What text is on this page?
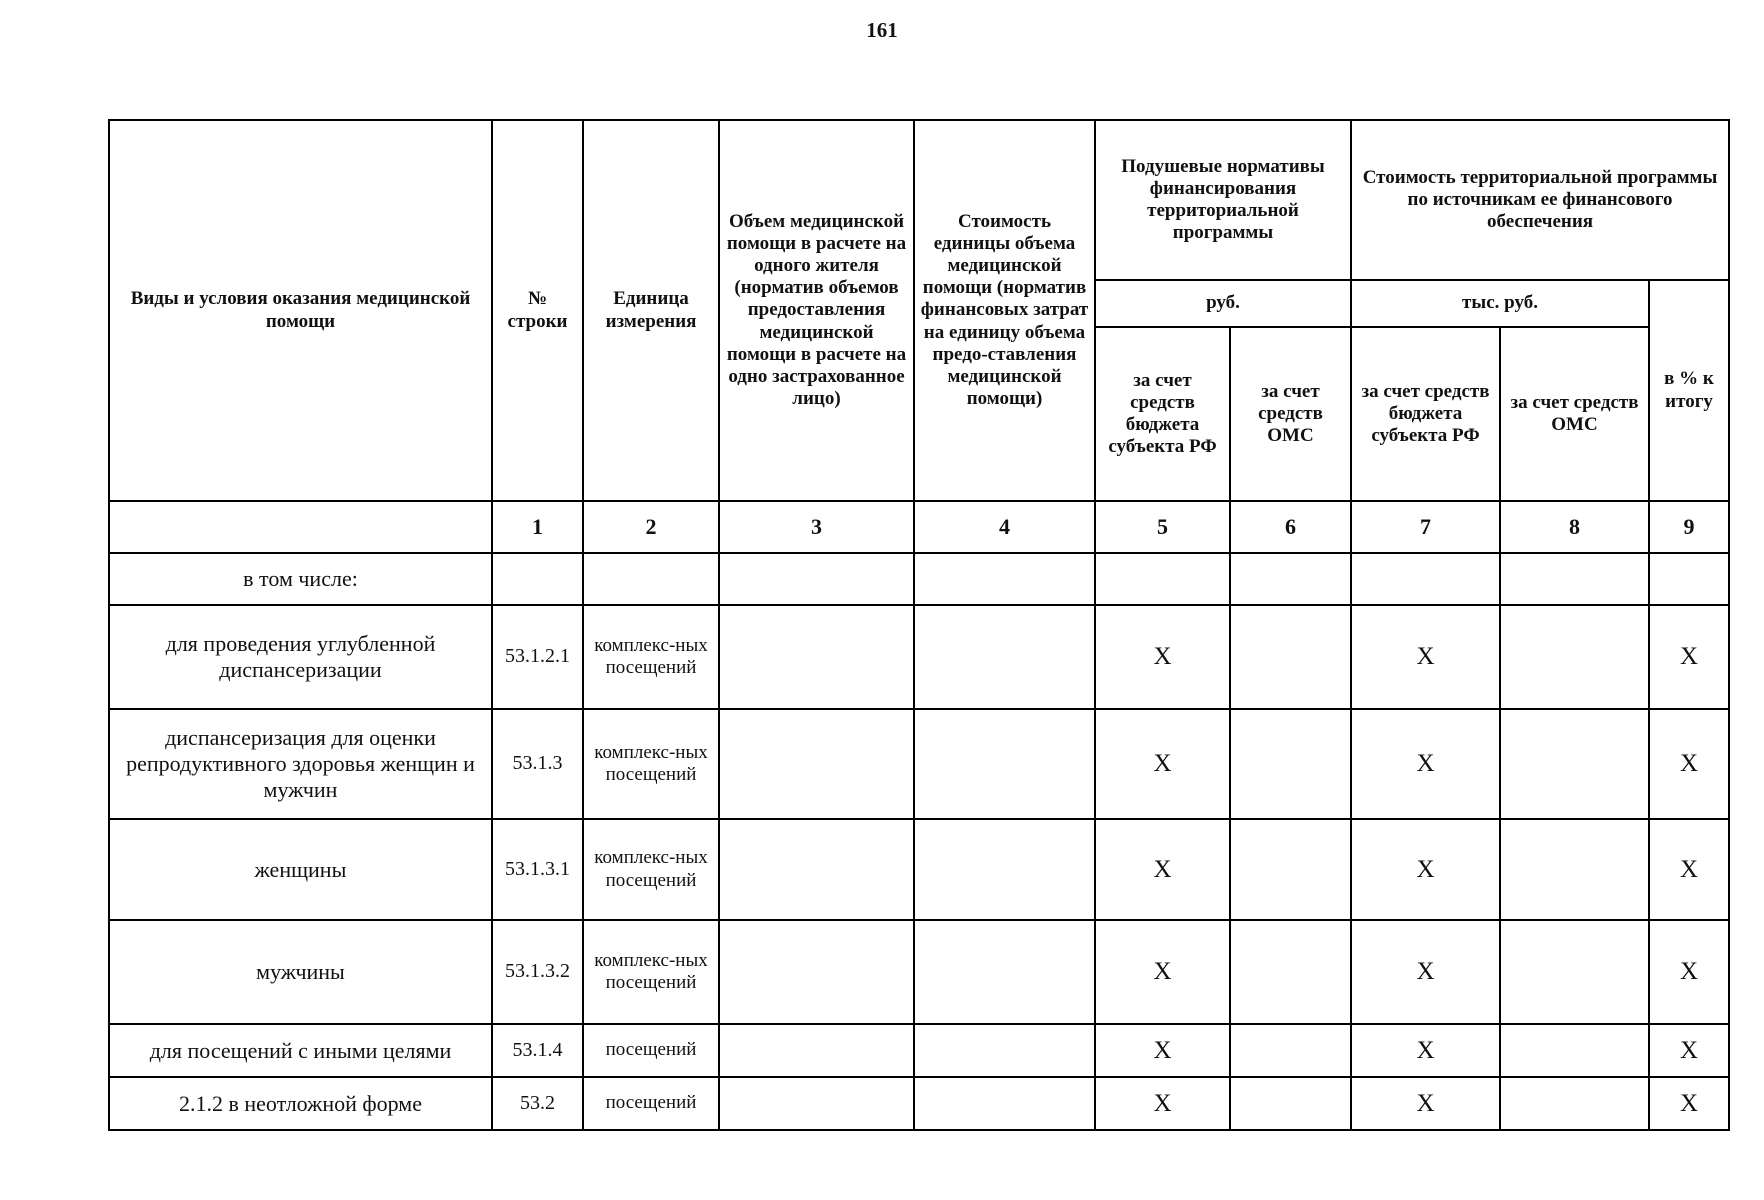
161
Виды и условия оказания медицинской помощи	№ строки	Единица измерения	Объем медицинской помощи в расчете на одного жителя (норматив объемов предоставления медицинской помощи в расчете на одно застрахованное лицо)	Стоимость единицы объема медицинской помощи (норматив финансовых затрат на единицу объема предо-ставления медицинской помощи)	Подушевые нормативы финансирования территориальной программы		Стоимость территориальной программы по источникам ее финансового обеспечения		
					руб.		тыс. руб.		в % к итогу
					за счет средств бюджета субъекта РФ	за счет средств ОМС	за счет средств бюджета субъекта РФ	за счет средств ОМС	
	1	2	3	4	5	6	7	8	9
в том числе:									
для проведения углубленной диспансеризации	53.1.2.1	комплекс-ных посещений			X		X		X
диспансеризация для оценки репродуктивного здоровья женщин и мужчин	53.1.3	комплекс-ных посещений			X		X		X
женщины	53.1.3.1	комплекс-ных посещений			X		X		X
мужчины	53.1.3.2	комплекс-ных посещений			X		X		X
для посещений с иными целями	53.1.4	посещений			X		X		X
2.1.2 в неотложной форме	53.2	посещений			X		X		X
